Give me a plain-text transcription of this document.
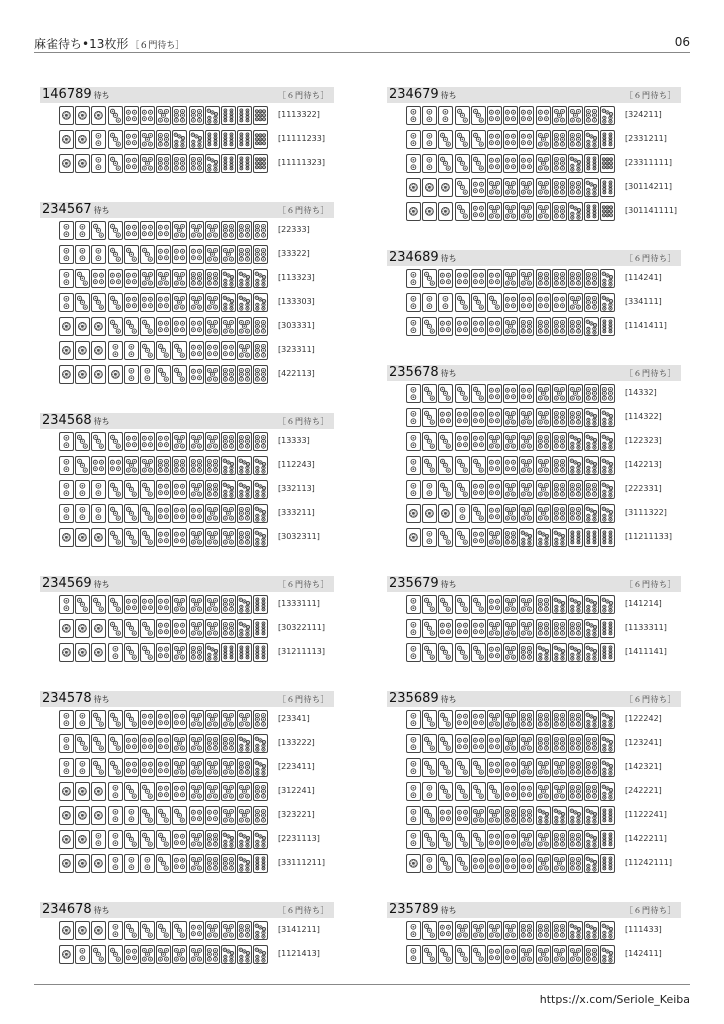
麻雀待ち•13枚形 ［６門待ち］	06
146789 待ち	［６門待ち］
[1113322]
[11111233]
[11111323]
234567 待ち	［６門待ち］
[22333]
[33322]
[113323]
[133303]
[303331]
[323311]
[422113]
234568 待ち	［６門待ち］
[13333]
[112243]
[332113]
[333211]
[3032311]
234569 待ち	［６門待ち］
[1333111]
[30322111]
[31211113]
234578 待ち	［６門待ち］
[23341]
[133222]
[223411]
[312241]
[323221]
[2231113]
[33111211]
234678 待ち	［６門待ち］
[3141211]
[1121413]
234679 待ち	［６門待ち］
[324211]
[2331211]
[23311111]
[30114211]
[301141111]
234689 待ち	［６門待ち］
[114241]
[334111]
[1141411]
235678 待ち	［６門待ち］
[14332]
[114322]
[122323]
[142213]
[222331]
[3111322]
[11211133]
235679 待ち	［６門待ち］
[141214]
[1133311]
[1411141]
235689 待ち	［６門待ち］
[122242]
[123241]
[142321]
[242221]
[1122241]
[1422211]
[11242111]
235789 待ち	［６門待ち］
[111433]
[142411]
https://x.com/Seriole_Keiba
